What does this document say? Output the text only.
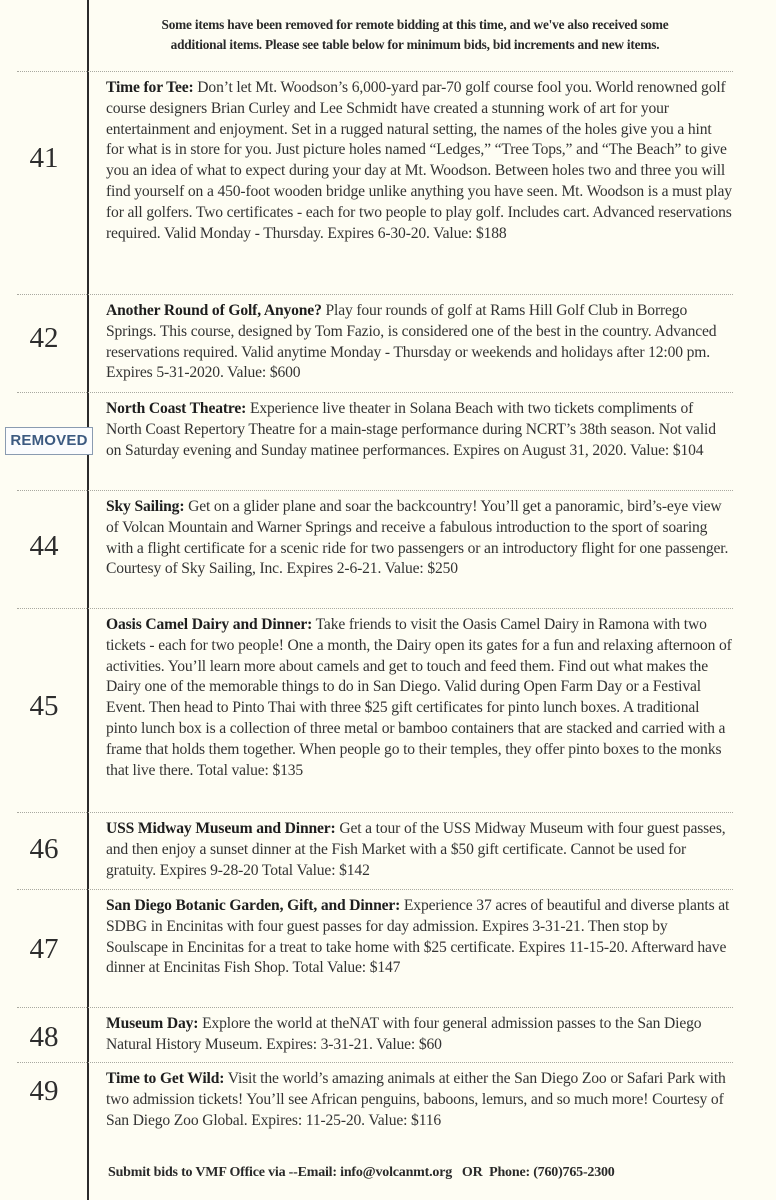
Some items have been removed for remote bidding at this time, and we've also received some
additional items. Please see table below for minimum bids, bid increments and new items.
41
Time for Tee: Don’t let Mt. Woodson’s 6,000-yard par-70 golf course fool you. World renowned golf course designers Brian Curley and Lee Schmidt have created a stunning work of art for your entertainment and enjoyment. Set in a rugged natural setting, the names of the holes give you a hint for what is in store for you. Just picture holes named “Ledges,” “Tree Tops,” and “The Beach” to give you an idea of what to expect during your day at Mt. Woodson. Between holes two and three you will find yourself on a 450-foot wooden bridge unlike anything you have seen. Mt. Woodson is a must play for all golfers. Two certificates - each for two people to play golf. Includes cart. Advanced reservations required. Valid Monday - Thursday. Expires 6-30-20. Value: $188
42
Another Round of Golf, Anyone? Play four rounds of golf at Rams Hill Golf Club in Borrego Springs. This course, designed by Tom Fazio, is considered one of the best in the country. Advanced reservations required. Valid anytime Monday - Thursday or weekends and holidays after 12:00 pm. Expires 5-31-2020. Value: $600
REMOVED
North Coast Theatre: Experience live theater in Solana Beach with two tickets compliments of North Coast Repertory Theatre for a main-stage performance during NCRT’s 38th season. Not valid on Saturday evening and Sunday matinee performances. Expires on August 31, 2020. Value: $104
44
Sky Sailing: Get on a glider plane and soar the backcountry! You’ll get a panoramic, bird’s-eye view of Volcan Mountain and Warner Springs and receive a fabulous introduction to the sport of soaring with a flight certificate for a scenic ride for two passengers or an introductory flight for one passenger. Courtesy of Sky Sailing, Inc. Expires 2-6-21. Value: $250
45
Oasis Camel Dairy and Dinner: Take friends to visit the Oasis Camel Dairy in Ramona with two tickets - each for two people! One a month, the Dairy open its gates for a fun and relaxing afternoon of activities. You’ll learn more about camels and get to touch and feed them. Find out what makes the Dairy one of the memorable things to do in San Diego. Valid during Open Farm Day or a Festival Event. Then head to Pinto Thai with three $25 gift certificates for pinto lunch boxes. A traditional pinto lunch box is a collection of three metal or bamboo containers that are stacked and carried with a frame that holds them together. When people go to their temples, they offer pinto boxes to the monks that live there. Total value: $135
46
USS Midway Museum and Dinner: Get a tour of the USS Midway Museum with four guest passes, and then enjoy a sunset dinner at the Fish Market with a $50 gift certificate. Cannot be used for gratuity. Expires 9-28-20 Total Value: $142
47
San Diego Botanic Garden, Gift, and Dinner: Experience 37 acres of beautiful and diverse plants at SDBG in Encinitas with four guest passes for day admission. Expires 3-31-21. Then stop by Soulscape in Encinitas for a treat to take home with $25 certificate. Expires 11-15-20. Afterward have dinner at Encinitas Fish Shop. Total Value: $147
48	Museum Day: Explore the world at theNAT with four general admission passes to the San Diego Natural History Museum. Expires: 3-31-21. Value: $60
49	Time to Get Wild: Visit the world’s amazing animals at either the San Diego Zoo or Safari Park with two admission tickets! You’ll see African penguins, baboons, lemurs, and so much more! Courtesy of San Diego Zoo Global. Expires: 11-25-20. Value: $116
Submit bids to VMF Office via --Email: info@volcanmt.org   OR  Phone: (760)765-2300
